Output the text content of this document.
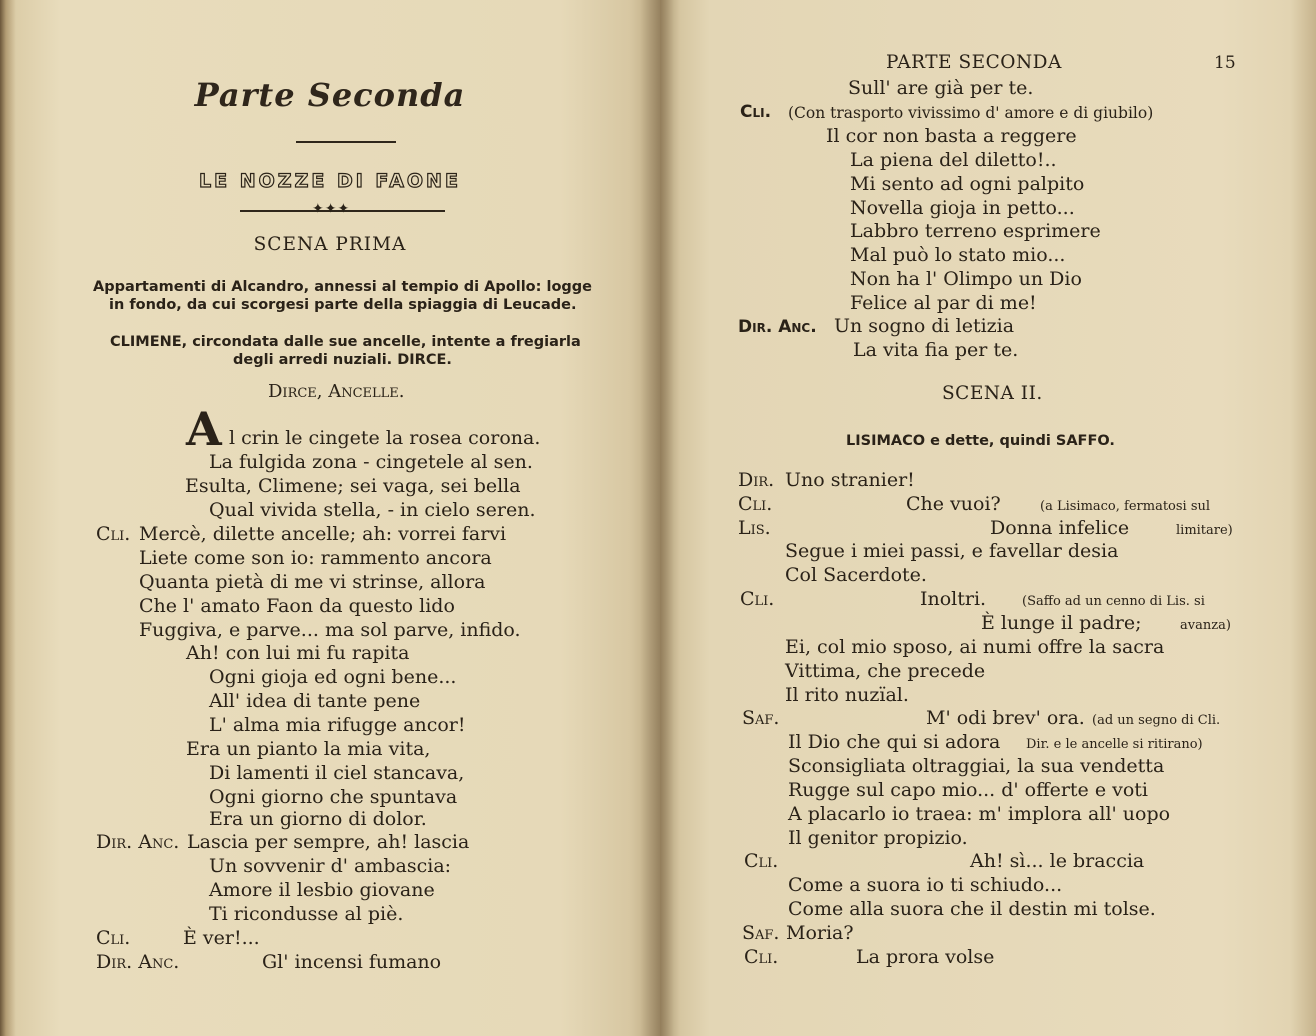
Parte Seconda
LE NOZZE DI FAONE
✦✦✦
SCENA PRIMA
Appartamenti di Alcandro, annessi al tempio di Apollo: logge
in fondo, da cui scorgesi parte della spiaggia di Leucade.
CLIMENE, circondata dalle sue ancelle, intente a fregiarla
degli arredi nuziali. DIRCE.
Dirce, Ancelle.
A l crin le cingete la rosea corona.
La fulgida zona - cingetele al sen.
Esulta, Climene; sei vaga, sei bella
Qual vivida stella, - in cielo seren.
Cli. Mercè, dilette ancelle; ah: vorrei farvi
Liete come son io: rammento ancora
Quanta pietà di me vi strinse, allora
Che l' amato Faon da questo lido
Fuggiva, e parve... ma sol parve, infido.
Ah! con lui mi fu rapita
Ogni gioja ed ogni bene...
All' idea di tante pene
L' alma mia rifugge ancor!
Era un pianto la mia vita,
Di lamenti il ciel stancava,
Ogni giorno che spuntava
Era un giorno di dolor.
Dir. Anc. Lascia per sempre, ah! lascia
Un sovvenir d' ambascia:
Amore il lesbio giovane
Ti ricondusse al piè.
Cli.	È ver!...
Dir. Anc.	Gl' incensi fumano
PARTE SECONDA	15
Sull' are già per te.
Cli. (Con trasporto vivissimo d' amore e di giubilo)
Il cor non basta a reggere
La piena del diletto!..
Mi sento ad ogni palpito
Novella gioja in petto...
Labbro terreno esprimere
Mal può lo stato mio...
Non ha l' Olimpo un Dio
Felice al par di me!
Dir. Anc. Un sogno di letizia
La vita fia per te.
SCENA II.
LISIMACO e dette, quindi SAFFO.
Dir. Uno stranier!
Cli.	Che vuoi?	(a Lisimaco, fermatosi sul
Lis.	Donna infelice	limitare)
Segue i miei passi, e favellar desia
Col Sacerdote.
Cli.	Inoltri.	(Saffo ad un cenno di Lis. si
È lunge il padre;	avanza)
Ei, col mio sposo, ai numi offre la sacra
Vittima, che precede
Il rito nuzïal.
Saf.	M' odi brev' ora. (ad un segno di Cli.
Il Dio che qui si adora Dir. e le ancelle si ritirano)
Sconsigliata oltraggiai, la sua vendetta
Rugge sul capo mio... d' offerte e voti
A placarlo io traea: m' implora all' uopo
Il genitor propizio.
Cli.	Ah! sì... le braccia
Come a suora io ti schiudo...
Come alla suora che il destin mi tolse.
Saf. Moria?
Cli.	La prora volse
